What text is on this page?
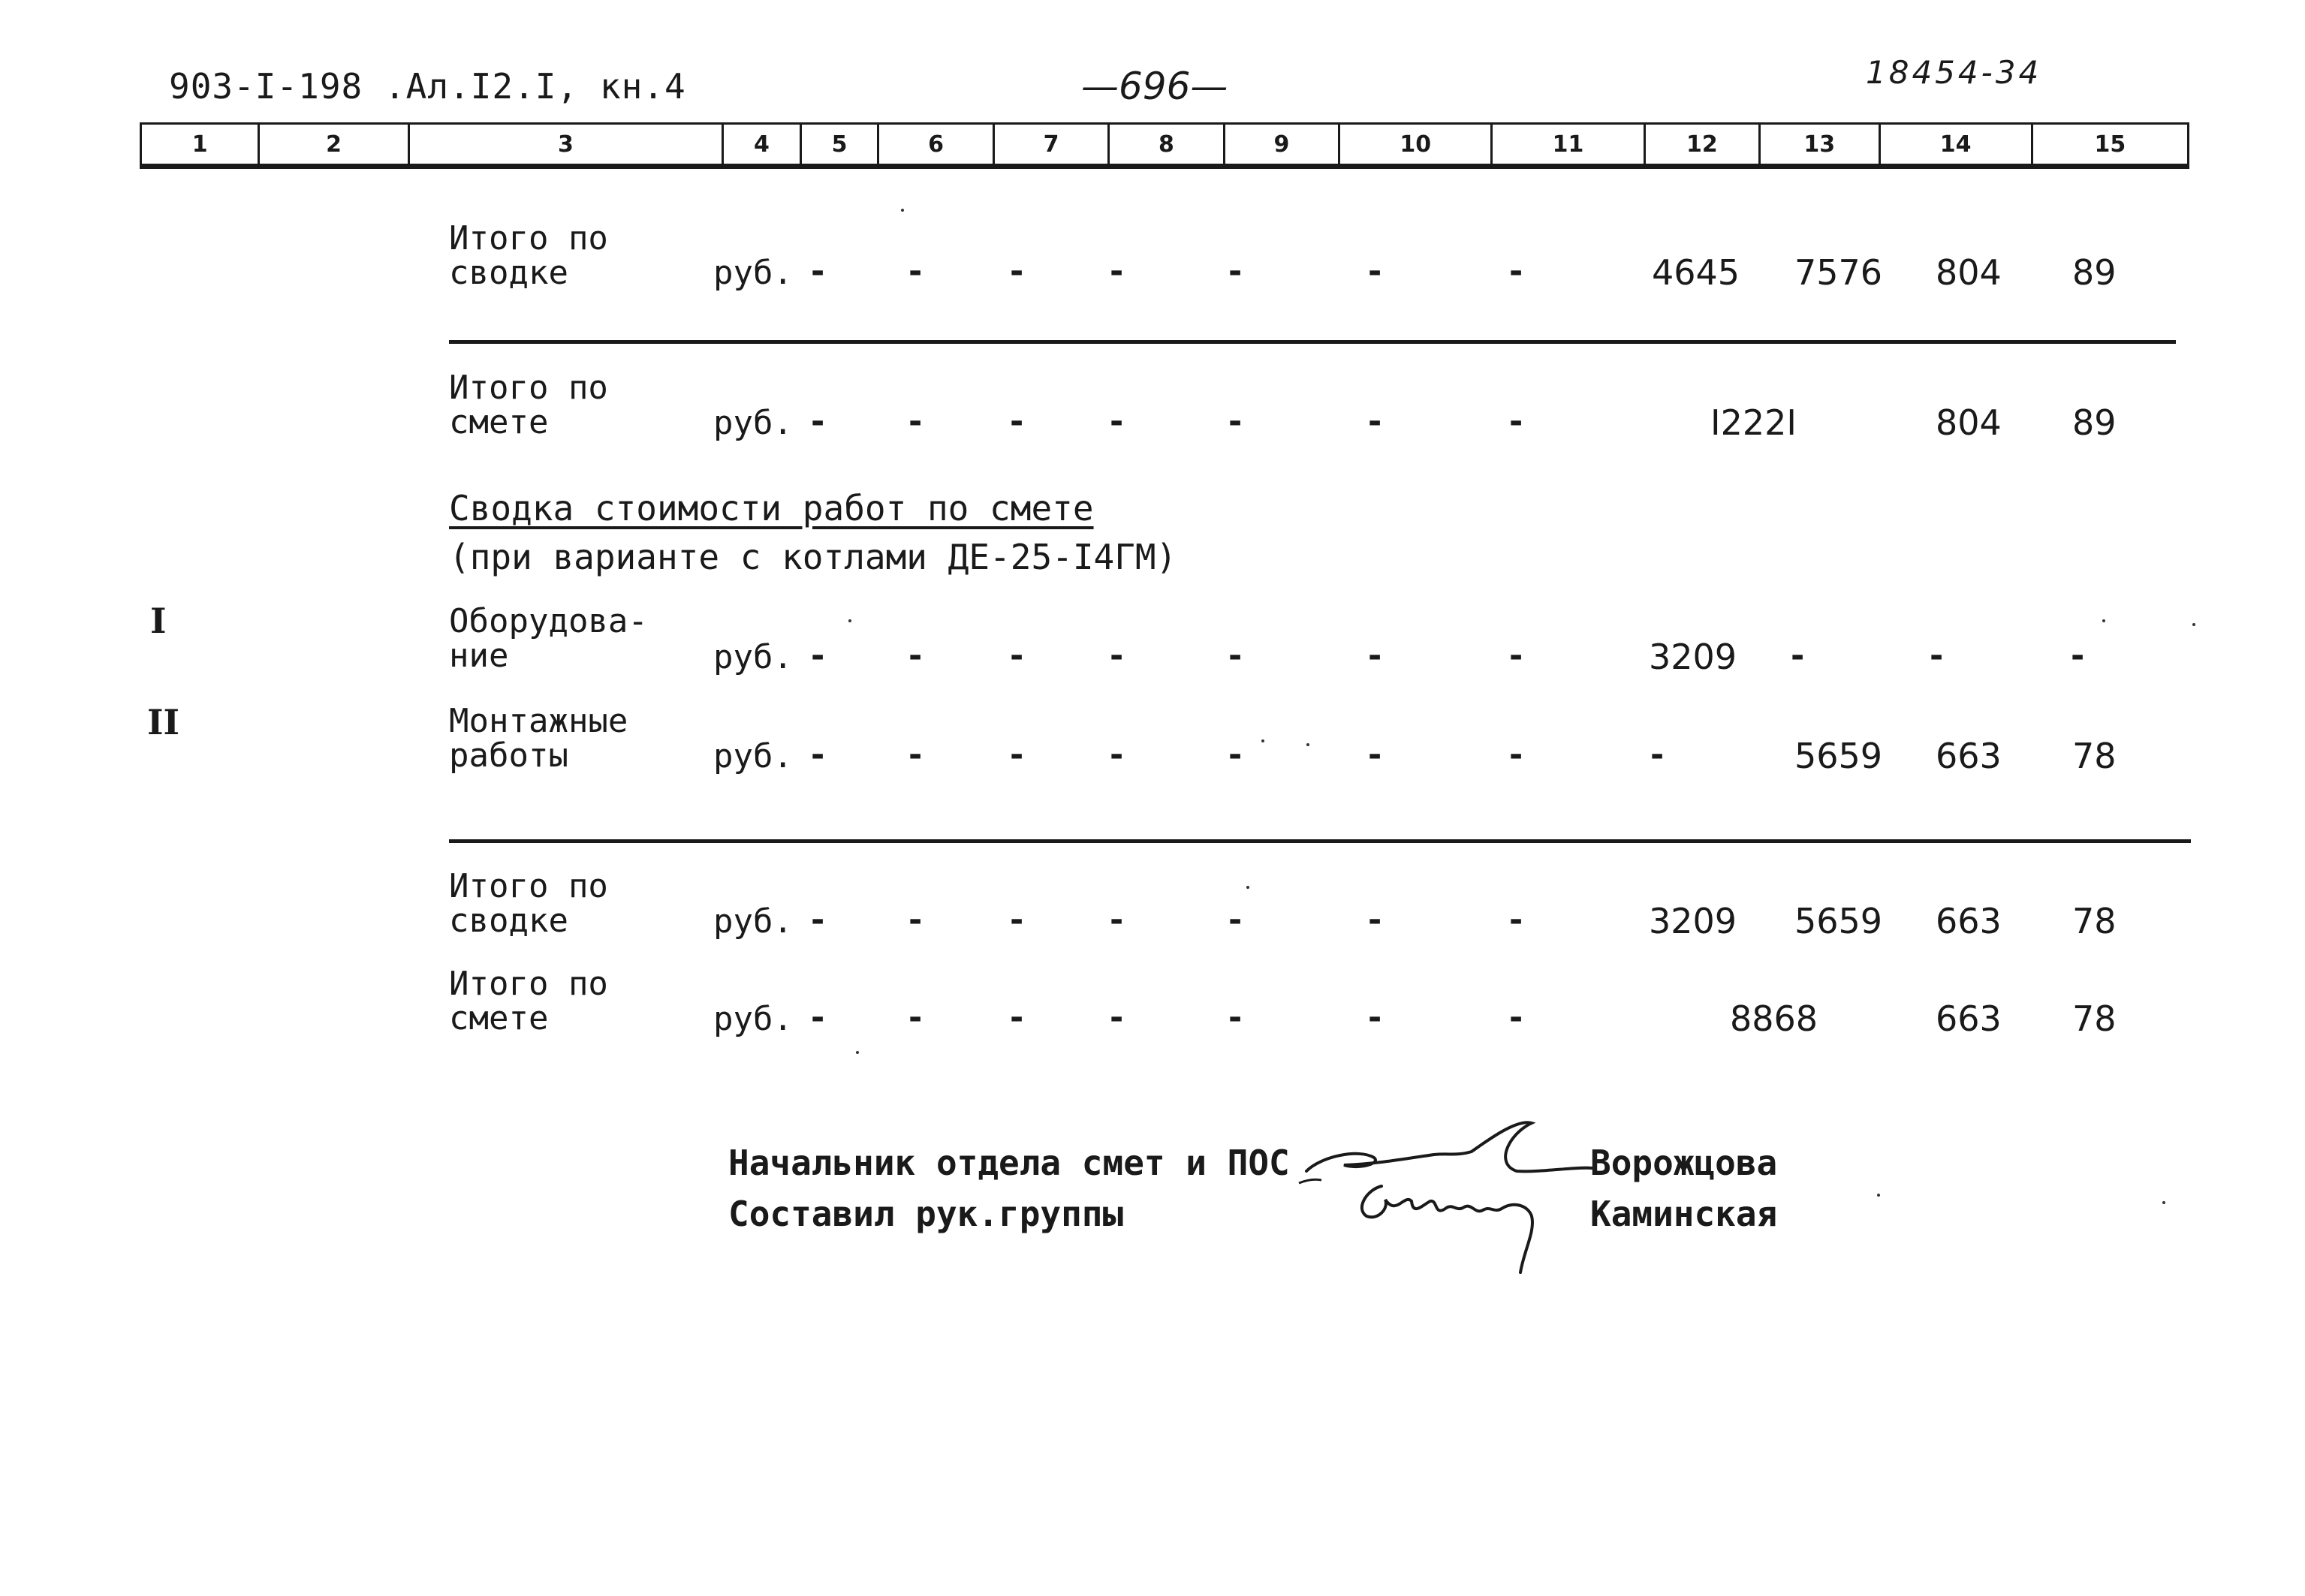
903-I-198 .Ал.I2.I, кн.4	—696—	18454-34
1	2	3	4	5	6	7	8	9	10	11	12	13	14	15
Итого по
сводке	руб. -	-	-	-	-	-	-	4645 7576 804 89
Итого по
смете	руб. -	-	-	-	-	-	-	I222I	804 89
Сводка стоимости работ по смете
(при варианте с котлами ДЕ-25-I4ГМ)
I	Оборудова-
ние	руб. -	-	-	-	-	-	-	3209 -	-	-
II	Монтажные
работы	руб. -	-	-	-	-	-	-	-	5659 663 78
Итого по
сводке	руб. -	-	-	-	-	-	-	3209 5659 663 78
Итого по
смете	руб. -	-	-	-	-	-	-	8868	663 78
Начальник отдела смет и ПОС	Ворожцова
Составил рук.группы	Каминская
